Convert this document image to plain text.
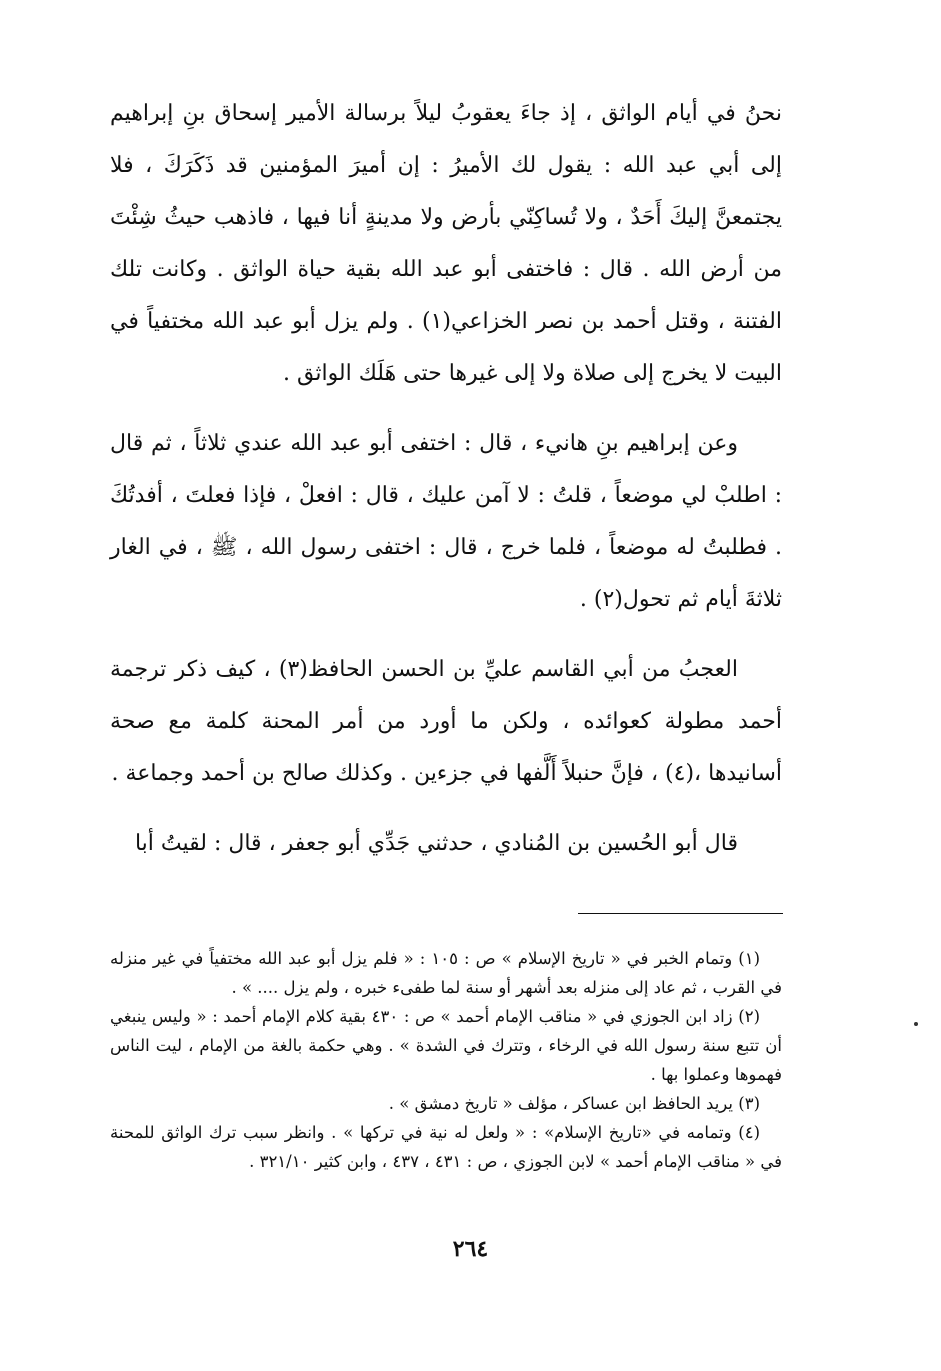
نحنُ في أيام الواثق ، إذ جاءَ يعقوبُ ليلاً برسالة الأمير إسحاق بنِ إبراهيم إلى أبي عبد الله : يقول لك الأميرُ : إن أميرَ المؤمنين قد ذَكَرَكَ ، فلا يجتمعنَّ إليكَ أَحَدٌ ، ولا تُساكِنّي بأرض ولا مدينةٍ أنا فيها ، فاذهب حيثُ شِئْتَ من أرض الله . قال : فاختفى أبو عبد الله بقية حياة الواثق . وكانت تلك الفتنة ، وقتل أحمد بن نصر الخزاعي(١) . ولم يزل أبو عبد الله مختفياً في البيت لا يخرج إلى صلاة ولا إلى غيرها حتى هَلَك الواثق .

وعن إبراهيم بنِ هانيء ، قال : اختفى أبو عبد الله عندي ثلاثاً ، ثم قال : اطلبْ لي موضعاً ، قلتُ : لا آمن عليك ، قال : افعلْ ، فإذا فعلتَ ، أفدتُكَ . فطلبتُ له موضعاً ، فلما خرج ، قال : اختفى رسول الله ، ﷺ ، في الغار ثلاثةَ أيام ثم تحول(٢) .

العجبُ من أبي القاسم عليِّ بن الحسن الحافظ(٣) ، كيف ذكر ترجمة أحمد مطولة كعوائده ، ولكن ما أورد من أمر المحنة كلمة مع صحة أسانيدها ،(٤) ، فإنَّ حنبلاً أَلَّفها في جزءين . وكذلك صالح بن أحمد وجماعة .

قال أبو الحُسين بن المُنادي ، حدثني جَدِّي أبو جعفر ، قال : لقيتُ أبا

(١) وتمام الخبر في « تاريخ الإسلام » ص : ١٠٥ : « فلم يزل أبو عبد الله مختفياً في غير منزله في القرب ، ثم عاد إلى منزله بعد أشهر أو سنة لما طفىء خبره ، ولم يزل .... » .

(٢) زاد ابن الجوزي في « مناقب الإمام أحمد » ص : ٤٣٠ بقية كلام الإمام أحمد : « وليس ينبغي أن تتبع سنة رسول الله في الرخاء ، وتترك في الشدة » . وهي حكمة بالغة من الإمام ، ليت الناس فهموها وعملوا بها .

(٣) يريد الحافظ ابن عساكر ، مؤلف « تاريخ دمشق » .

(٤) وتمامه في «تاريخ الإسلام» : « ولعل له نية في تركها » . وانظر سبب ترك الواثق للمحنة في « مناقب الإمام أحمد » لابن الجوزي ، ص : ٤٣١ ، ٤٣٧ ، وابن كثير ٣٢١/١٠ .

٢٦٤
